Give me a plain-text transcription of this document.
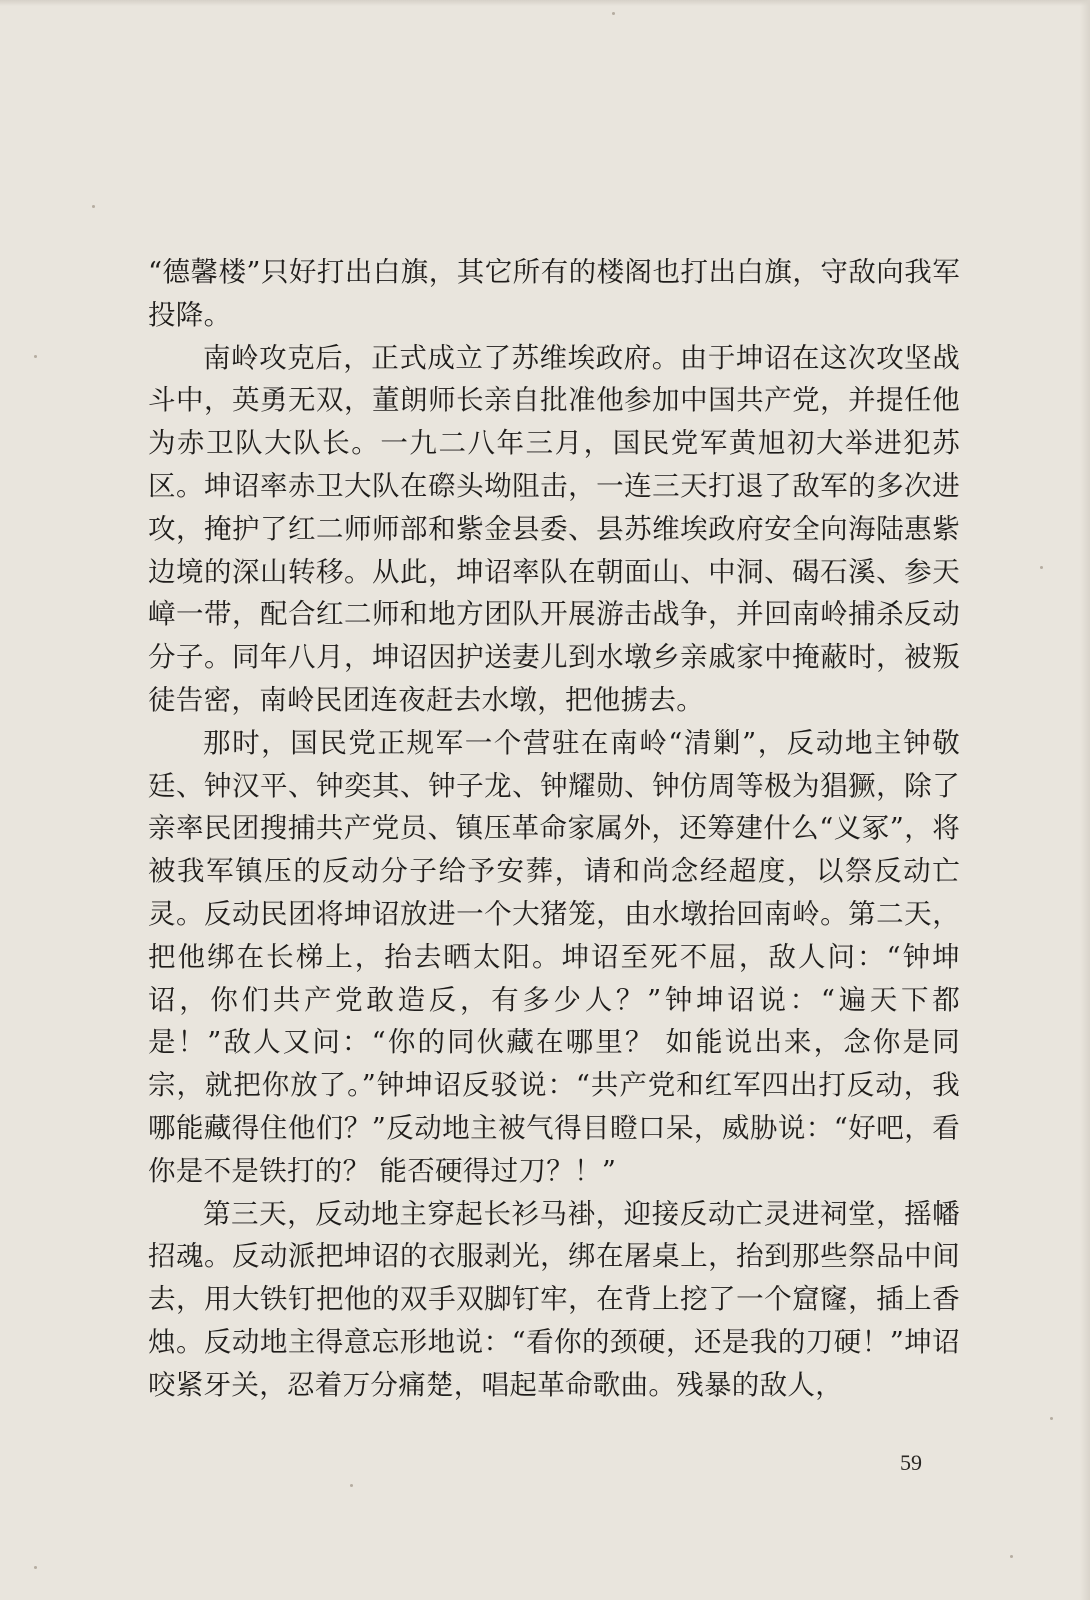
“德馨楼”只好打出白旗，其它所有的楼阁也打出白旗，守敌向我军投降。

南岭攻克后，正式成立了苏维埃政府。由于坤诏在这次攻坚战斗中，英勇无双，董朗师长亲自批准他参加中国共产党，并提任他为赤卫队大队长。一九二八年三月，国民党军黄旭初大举进犯苏区。坤诏率赤卫大队在磜头坳阻击，一连三天打退了敌军的多次进攻，掩护了红二师师部和紫金县委、县苏维埃政府安全向海陆惠紫边境的深山转移。从此，坤诏率队在朝面山、中洞、碣石溪、参天嶂一带，配合红二师和地方团队开展游击战争，并回南岭捕杀反动分子。同年八月，坤诏因护送妻儿到水墩乡亲戚家中掩蔽时，被叛徒告密，南岭民团连夜赶去水墩，把他掳去。

那时，国民党正规军一个营驻在南岭“清剿”，反动地主钟敬廷、钟汉平、钟奕其、钟子龙、钟耀勋、钟仿周等极为猖獗，除了亲率民团搜捕共产党员、镇压革命家属外，还筹建什么“义冢”，将被我军镇压的反动分子给予安葬，请和尚念经超度，以祭反动亡灵。反动民团将坤诏放进一个大猪笼，由水墩抬回南岭。第二天，把他绑在长梯上，抬去晒太阳。坤诏至死不屈，敌人问：“钟坤诏，你们共产党敢造反，有多少人？”钟坤诏说：“遍天下都是！”敌人又问：“你的同伙藏在哪里？ 如能说出来，念你是同宗，就把你放了。”钟坤诏反驳说：“共产党和红军四出打反动，我哪能藏得住他们？”反动地主被气得目瞪口呆，威胁说：“好吧，看你是不是铁打的？ 能否硬得过刀？！”

第三天，反动地主穿起长衫马褂，迎接反动亡灵进祠堂，摇幡招魂。反动派把坤诏的衣服剥光，绑在屠桌上，抬到那些祭品中间去，用大铁钉把他的双手双脚钉牢，在背上挖了一个窟窿，插上香烛。反动地主得意忘形地说：“看你的颈硬，还是我的刀硬！”坤诏咬紧牙关，忍着万分痛楚，唱起革命歌曲。残暴的敌人，

59
